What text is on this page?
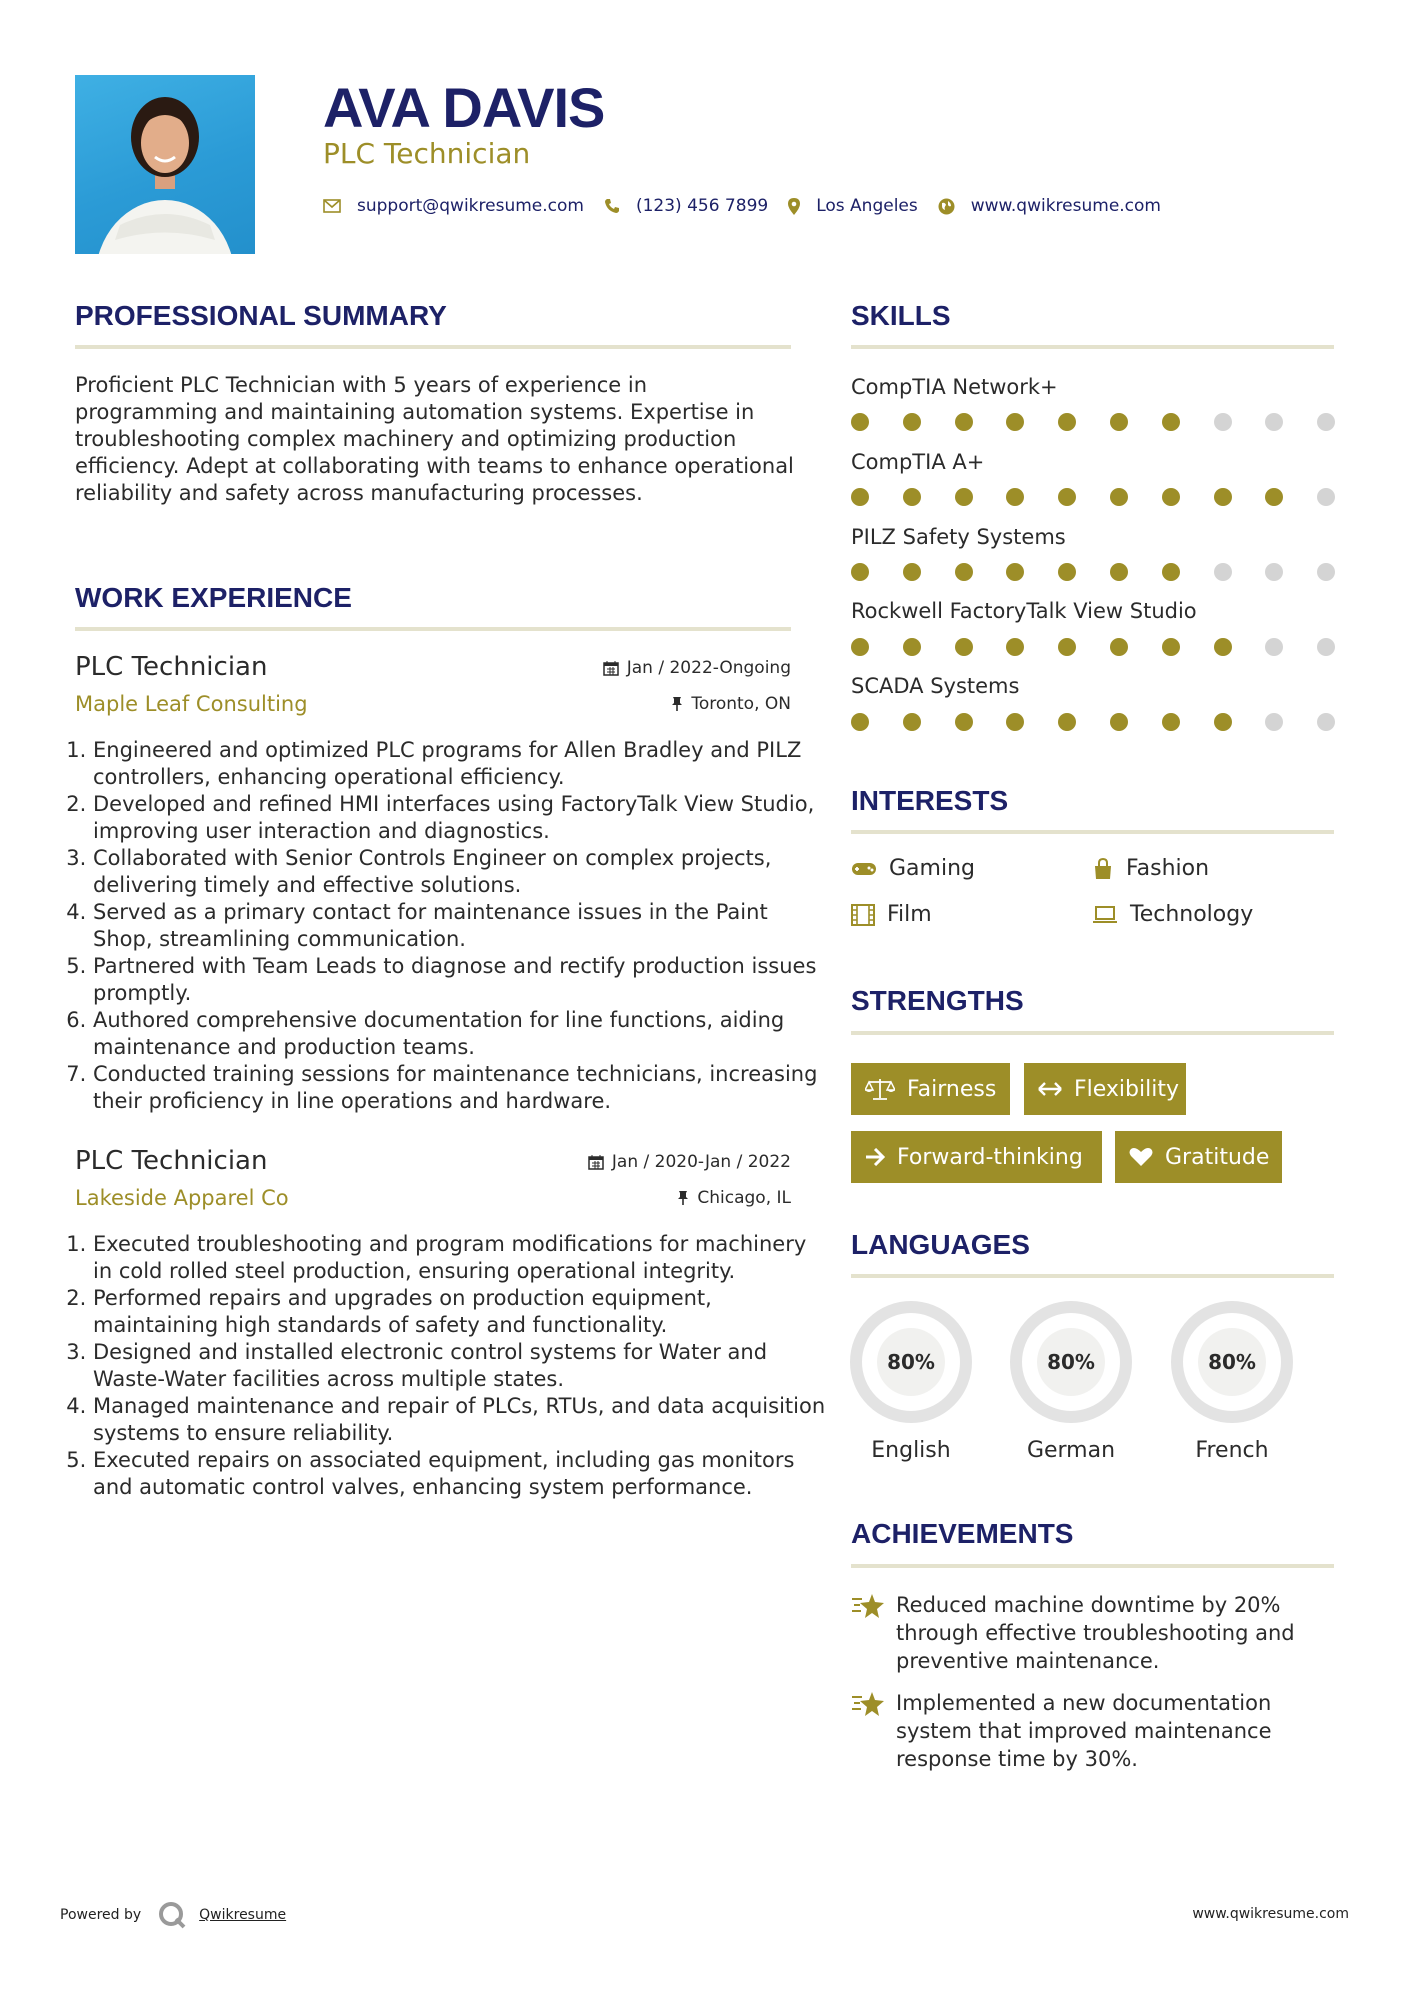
AVA DAVIS
PLC Technician
support@qwikresume.com	(123) 456 7899	Los Angeles	www.qwikresume.com
PROFESSIONAL SUMMARY
Proficient PLC Technician with 5 years of experience in programming and maintaining automation systems. Expertise in troubleshooting complex machinery and optimizing production efficiency. Adept at collaborating with teams to enhance operational reliability and safety across manufacturing processes.
WORK EXPERIENCE
PLC Technician	Jan / 2022-Ongoing
Maple Leaf Consulting	Toronto, ON
1. Engineered and optimized PLC programs for Allen Bradley and PILZ controllers, enhancing operational efficiency.
2. Developed and refined HMI interfaces using FactoryTalk View Studio, improving user interaction and diagnostics.
3. Collaborated with Senior Controls Engineer on complex projects, delivering timely and effective solutions.
4. Served as a primary contact for maintenance issues in the Paint Shop, streamlining communication.
5. Partnered with Team Leads to diagnose and rectify production issues promptly.
6. Authored comprehensive documentation for line functions, aiding maintenance and production teams.
7. Conducted training sessions for maintenance technicians, increasing their proficiency in line operations and hardware.
PLC Technician	Jan / 2020-Jan / 2022
Lakeside Apparel Co	Chicago, IL
1. Executed troubleshooting and program modifications for machinery in cold rolled steel production, ensuring operational integrity.
2. Performed repairs and upgrades on production equipment, maintaining high standards of safety and functionality.
3. Designed and installed electronic control systems for Water and Waste-Water facilities across multiple states.
4. Managed maintenance and repair of PLCs, RTUs, and data acquisition systems to ensure reliability.
5. Executed repairs on associated equipment, including gas monitors and automatic control valves, enhancing system performance.
SKILLS
CompTIA Network+
CompTIA A+
PILZ Safety Systems
Rockwell FactoryTalk View Studio
SCADA Systems
INTERESTS
Gaming	Fashion
Film	Technology
STRENGTHS
Fairness	Flexibility
Forward-thinking	Gratitude
LANGUAGES
80%
English
80%
German
80%
French
ACHIEVEMENTS
Reduced machine downtime by 20% through effective troubleshooting and preventive maintenance.
Implemented a new documentation system that improved maintenance response time by 30%.
Powered by	Qwikresume	www.qwikresume.com
